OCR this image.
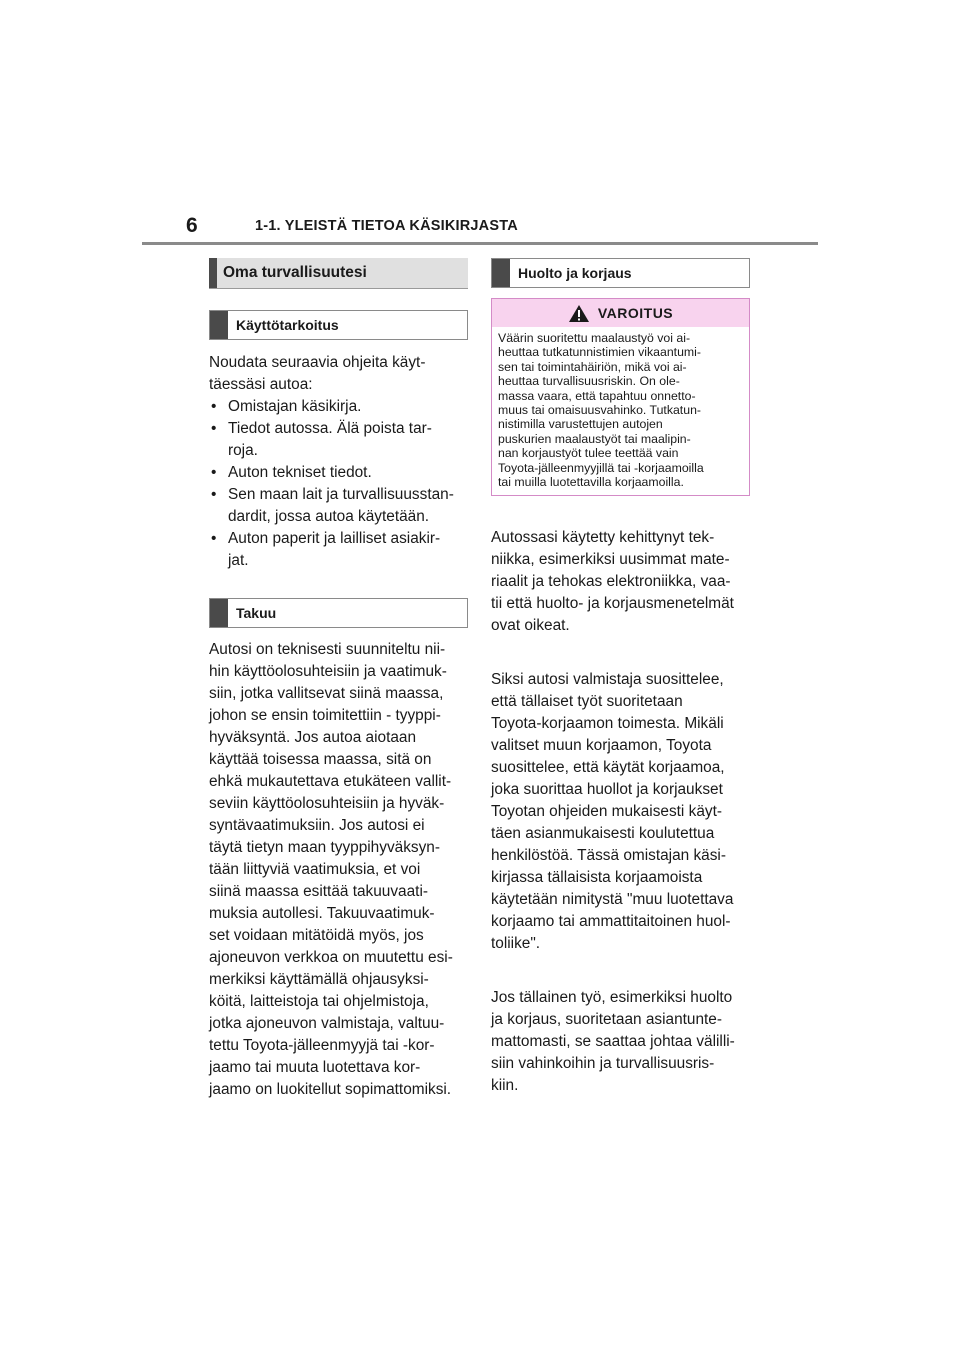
6	1-1. YLEISTÄ TIETOA KÄSIKIRJASTA
Oma turvallisuutesi
Käyttötarkoitus
Noudata seuraavia ohjeita käyt-
täessäsi autoa:
• Omistajan käsikirja.
• Tiedot autossa. Älä poista tar-
roja.
• Auton tekniset tiedot.
• Sen maan lait ja turvallisuusstan-
dardit, jossa autoa käytetään.
• Auton paperit ja lailliset asiakir-
jat.
Takuu
Autosi on teknisesti suunniteltu nii-
hin käyttöolosuhteisiin ja vaatimuk-
siin, jotka vallitsevat siinä maassa,
johon se ensin toimitettiin - tyyppi-
hyväksyntä. Jos autoa aiotaan
käyttää toisessa maassa, sitä on
ehkä mukautettava etukäteen vallit-
seviin käyttöolosuhteisiin ja hyväk-
syntävaatimuksiin. Jos autosi ei
täytä tietyn maan tyyppihyväksyn-
tään liittyviä vaatimuksia, et voi
siinä maassa esittää takuuvaati-
muksia autollesi. Takuuvaatimuk-
set voidaan mitätöidä myös, jos
ajoneuvon verkkoa on muutettu esi-
merkiksi käyttämällä ohjausyksi-
köitä, laitteistoja tai ohjelmistoja,
jotka ajoneuvon valmistaja, valtuu-
tettu Toyota-jälleenmyyjä tai -kor-
jaamo tai muuta luotettava kor-
jaamo on luokitellut sopimattomiksi.
Huolto ja korjaus
VAROITUS
Väärin suoritettu maalaustyö voi ai-
heuttaa tutkatunnistimien vikaantumi-
sen tai toimintahäiriön, mikä voi ai-
heuttaa turvallisuusriskin. On ole-
massa vaara, että tapahtuu onnetto-
muus tai omaisuusvahinko. Tutkatun-
nistimilla varustettujen autojen
puskurien maalaustyöt tai maalipin-
nan korjaustyöt tulee teettää vain
Toyota-jälleenmyyjillä tai -korjaamoilla
tai muilla luotettavilla korjaamoilla.

Autossasi käytetty kehittynyt tek-
niikka, esimerkiksi uusimmat mate-
riaalit ja tehokas elektroniikka, vaa-
tii että huolto- ja korjausmenetelmät
ovat oikeat.

Siksi autosi valmistaja suosittelee,
että tällaiset työt suoritetaan
Toyota-korjaamon toimesta. Mikäli
valitset muun korjaamon, Toyota
suosittelee, että käytät korjaamoa,
joka suorittaa huollot ja korjaukset
Toyotan ohjeiden mukaisesti käyt-
täen asianmukaisesti koulutettua
henkilöstöä. Tässä omistajan käsi-
kirjassa tällaisista korjaamoista
käytetään nimitystä "muu luotettava
korjaamo tai ammattitaitoinen huol-
toliike".

Jos tällainen työ, esimerkiksi huolto
ja korjaus, suoritetaan asiantunte-
mattomasti, se saattaa johtaa välilli-
siin vahinkoihin ja turvallisuusris-
kiin.
